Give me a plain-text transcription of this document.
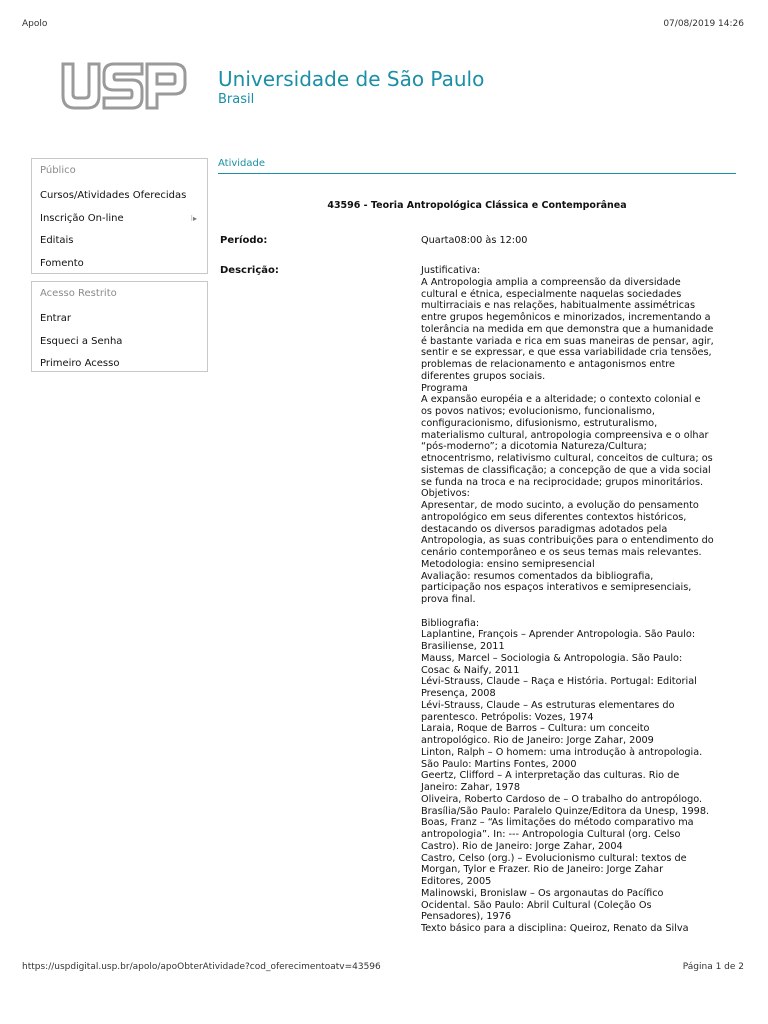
Apolo	07/08/2019 14:26
Universidade de São Paulo
Brasil
Público
Cursos/Atividades Oferecidas
Inscrição On-line	⁝▸
Editais
Fomento
Acesso Restrito
Entrar
Esqueci a Senha
Primeiro Acesso
Atividade
43596 - Teoria Antropológica Clássica e Contemporânea
Período:	Quarta08:00 às 12:00
Descrição:	Justificativa:
A Antropologia amplia a compreensão da diversidade
cultural e étnica, especialmente naquelas sociedades
multirraciais e nas relações, habitualmente assimétricas
entre grupos hegemônicos e minorizados, incrementando a
tolerância na medida em que demonstra que a humanidade
é bastante variada e rica em suas maneiras de pensar, agir,
sentir e se expressar, e que essa variabilidade cria tensões,
problemas de relacionamento e antagonismos entre
diferentes grupos sociais.
Programa
A expansão européia e a alteridade; o contexto colonial e
os povos nativos; evolucionismo, funcionalismo,
configuracionismo, difusionismo, estruturalismo,
materialismo cultural, antropologia compreensiva e o olhar
“pós-moderno”; a dicotomia Natureza/Cultura;
etnocentrismo, relativismo cultural, conceitos de cultura; os
sistemas de classificação; a concepção de que a vida social
se funda na troca e na reciprocidade; grupos minoritários.
Objetivos:
Apresentar, de modo sucinto, a evolução do pensamento
antropológico em seus diferentes contextos históricos,
destacando os diversos paradigmas adotados pela
Antropologia, as suas contribuições para o entendimento do
cenário contemporâneo e os seus temas mais relevantes.
Metodologia: ensino semipresencial
Avaliação: resumos comentados da bibliografia,
participação nos espaços interativos e semipresenciais,
prova final.

Bibliografia:
Laplantine, François – Aprender Antropologia. São Paulo:
Brasiliense, 2011
Mauss, Marcel – Sociologia & Antropologia. São Paulo:
Cosac & Naify, 2011
Lévi-Strauss, Claude – Raça e História. Portugal: Editorial
Presença, 2008
Lévi-Strauss, Claude – As estruturas elementares do
parentesco. Petrópolis: Vozes, 1974
Laraia, Roque de Barros – Cultura: um conceito
antropológico. Rio de Janeiro: Jorge Zahar, 2009
Linton, Ralph – O homem: uma introdução à antropologia.
São Paulo: Martins Fontes, 2000
Geertz, Clifford – A interpretação das culturas. Rio de
Janeiro: Zahar, 1978
Oliveira, Roberto Cardoso de – O trabalho do antropólogo.
Brasília/São Paulo: Paralelo Quinze/Editora da Unesp, 1998.
Boas, Franz – “As limitações do método comparativo ma
antropologia”. In: --- Antropologia Cultural (org. Celso
Castro). Rio de Janeiro: Jorge Zahar, 2004
Castro, Celso (org.) – Evolucionismo cultural: textos de
Morgan, Tylor e Frazer. Rio de Janeiro: Jorge Zahar
Editores, 2005
Malinowski, Bronislaw – Os argonautas do Pacífico
Ocidental. São Paulo: Abril Cultural (Coleção Os
Pensadores), 1976
Texto básico para a disciplina: Queiroz, Renato da Silva
https://uspdigital.usp.br/apolo/apoObterAtividade?cod_oferecimentoatv=43596	Página 1 de 2
